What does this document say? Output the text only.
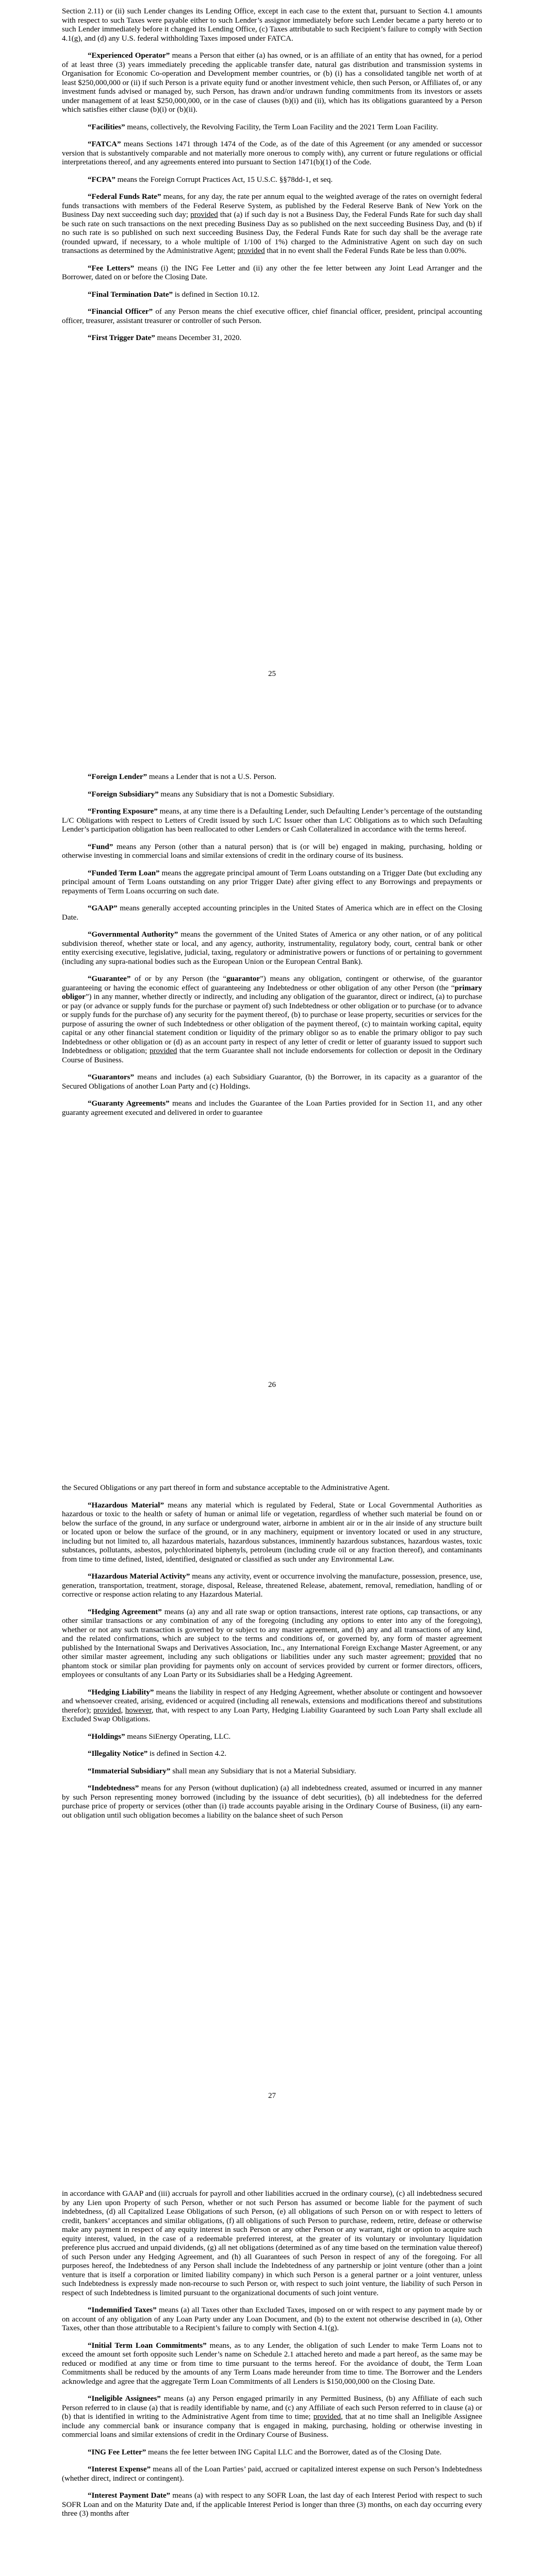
Section 2.11) or (ii) such Lender changes its Lending Office, except in each case to the extent that, pursuant to Section 4.1 amounts with respect to such Taxes were payable either to such Lender’s assignor immediately before such Lender became a party hereto or to such Lender immediately before it changed its Lending Office, (c) Taxes attributable to such Recipient’s failure to comply with Section 4.1(g), and (d) any U.S. federal withholding Taxes imposed under FATCA.

“Experienced Operator” means a Person that either (a) has owned, or is an affiliate of an entity that has owned, for a period of at least three (3) years immediately preceding the applicable transfer date, natural gas distribution and transmission systems in Organisation for Economic Co-operation and Development member countries, or (b) (i) has a consolidated tangible net worth of at least $250,000,000 or (ii) if such Person is a private equity fund or another investment vehicle, then such Person, or Affiliates of, or any investment funds advised or managed by, such Person, has drawn and/or undrawn funding commitments from its investors or assets under management of at least $250,000,000, or in the case of clauses (b)(i) and (ii), which has its obligations guaranteed by a Person which satisfies either clause (b)(i) or (b)(ii).

“Facilities” means, collectively, the Revolving Facility, the Term Loan Facility and the 2021 Term Loan Facility.

“FATCA” means Sections 1471 through 1474 of the Code, as of the date of this Agreement (or any amended or successor version that is substantively comparable and not materially more onerous to comply with), any current or future regulations or official interpretations thereof, and any agreements entered into pursuant to Section 1471(b)(1) of the Code.

“FCPA” means the Foreign Corrupt Practices Act, 15 U.S.C. §§78dd-1, et seq.

“Federal Funds Rate” means, for any day, the rate per annum equal to the weighted average of the rates on overnight federal funds transactions with members of the Federal Reserve System, as published by the Federal Reserve Bank of New York on the Business Day next succeeding such day; provided that (a) if such day is not a Business Day, the Federal Funds Rate for such day shall be such rate on such transactions on the next preceding Business Day as so published on the next succeeding Business Day, and (b) if no such rate is so published on such next succeeding Business Day, the Federal Funds Rate for such day shall be the average rate (rounded upward, if necessary, to a whole multiple of 1/100 of 1%) charged to the Administrative Agent on such day on such transactions as determined by the Administrative Agent; provided that in no event shall the Federal Funds Rate be less than 0.00%.

“Fee Letters” means (i) the ING Fee Letter and (ii) any other the fee letter between any Joint Lead Arranger and the Borrower, dated on or before the Closing Date.

“Final Termination Date” is defined in Section 10.12.

“Financial Officer” of any Person means the chief executive officer, chief financial officer, president, principal accounting officer, treasurer, assistant treasurer or controller of such Person.

“First Trigger Date” means December 31, 2020.

25

“Foreign Lender” means a Lender that is not a U.S. Person.

“Foreign Subsidiary” means any Subsidiary that is not a Domestic Subsidiary.

“Fronting Exposure” means, at any time there is a Defaulting Lender, such Defaulting Lender’s percentage of the outstanding L/C Obligations with respect to Letters of Credit issued by such L/C Issuer other than L/C Obligations as to which such Defaulting Lender’s participation obligation has been reallocated to other Lenders or Cash Collateralized in accordance with the terms hereof.

“Fund” means any Person (other than a natural person) that is (or will be) engaged in making, purchasing, holding or otherwise investing in commercial loans and similar extensions of credit in the ordinary course of its business.

“Funded Term Loan” means the aggregate principal amount of Term Loans outstanding on a Trigger Date (but excluding any principal amount of Term Loans outstanding on any prior Trigger Date) after giving effect to any Borrowings and prepayments or repayments of Term Loans occurring on such date.

“GAAP” means generally accepted accounting principles in the United States of America which are in effect on the Closing Date.

“Governmental Authority” means the government of the United States of America or any other nation, or of any political subdivision thereof, whether state or local, and any agency, authority, instrumentality, regulatory body, court, central bank or other entity exercising executive, legislative, judicial, taxing, regulatory or administrative powers or functions of or pertaining to government (including any supra-national bodies such as the European Union or the European Central Bank).

“Guarantee” of or by any Person (the “guarantor”) means any obligation, contingent or otherwise, of the guarantor guaranteeing or having the economic effect of guaranteeing any Indebtedness or other obligation of any other Person (the “primary obligor”) in any manner, whether directly or indirectly, and including any obligation of the guarantor, direct or indirect, (a) to purchase or pay (or advance or supply funds for the purchase or payment of) such Indebtedness or other obligation or to purchase (or to advance or supply funds for the purchase of) any security for the payment thereof, (b) to purchase or lease property, securities or services for the purpose of assuring the owner of such Indebtedness or other obligation of the payment thereof, (c) to maintain working capital, equity capital or any other financial statement condition or liquidity of the primary obligor so as to enable the primary obligor to pay such Indebtedness or other obligation or (d) as an account party in respect of any letter of credit or letter of guaranty issued to support such Indebtedness or obligation; provided that the term Guarantee shall not include endorsements for collection or deposit in the Ordinary Course of Business.

“Guarantors” means and includes (a) each Subsidiary Guarantor, (b) the Borrower, in its capacity as a guarantor of the Secured Obligations of another Loan Party and (c) Holdings.

“Guaranty Agreements” means and includes the Guarantee of the Loan Parties provided for in Section 11, and any other guaranty agreement executed and delivered in order to guarantee

26

the Secured Obligations or any part thereof in form and substance acceptable to the Administrative Agent.

“Hazardous Material” means any material which is regulated by Federal, State or Local Governmental Authorities as hazardous or toxic to the health or safety of human or animal life or vegetation, regardless of whether such material be found on or below the surface of the ground, in any surface or underground water, airborne in ambient air or in the air inside of any structure built or located upon or below the surface of the ground, or in any machinery, equipment or inventory located or used in any structure, including but not limited to, all hazardous materials, hazardous substances, imminently hazardous substances, hazardous wastes, toxic substances, pollutants, asbestos, polychlorinated biphenyls, petroleum (including crude oil or any fraction thereof), and contaminants from time to time defined, listed, identified, designated or classified as such under any Environmental Law.

“Hazardous Material Activity” means any activity, event or occurrence involving the manufacture, possession, presence, use, generation, transportation, treatment, storage, disposal, Release, threatened Release, abatement, removal, remediation, handling of or corrective or response action relating to any Hazardous Material.

“Hedging Agreement” means (a) any and all rate swap or option transactions, interest rate options, cap transactions, or any other similar transactions or any combination of any of the foregoing (including any options to enter into any of the foregoing), whether or not any such transaction is governed by or subject to any master agreement, and (b) any and all transactions of any kind, and the related confirmations, which are subject to the terms and conditions of, or governed by, any form of master agreement published by the International Swaps and Derivatives Association, Inc., any International Foreign Exchange Master Agreement, or any other similar master agreement, including any such obligations or liabilities under any such master agreement; provided that no phantom stock or similar plan providing for payments only on account of services provided by current or former directors, officers, employees or consultants of any Loan Party or its Subsidiaries shall be a Hedging Agreement.

“Hedging Liability” means the liability in respect of any Hedging Agreement, whether absolute or contingent and howsoever and whensoever created, arising, evidenced or acquired (including all renewals, extensions and modifications thereof and substitutions therefor); provided, however, that, with respect to any Loan Party, Hedging Liability Guaranteed by such Loan Party shall exclude all Excluded Swap Obligations.

“Holdings” means SiEnergy Operating, LLC.

“Illegality Notice” is defined in Section 4.2.

“Immaterial Subsidiary” shall mean any Subsidiary that is not a Material Subsidiary.

“Indebtedness” means for any Person (without duplication) (a) all indebtedness created, assumed or incurred in any manner by such Person representing money borrowed (including by the issuance of debt securities), (b) all indebtedness for the deferred purchase price of property or services (other than (i) trade accounts payable arising in the Ordinary Course of Business, (ii) any earn-out obligation until such obligation becomes a liability on the balance sheet of such Person

27

in accordance with GAAP and (iii) accruals for payroll and other liabilities accrued in the ordinary course), (c) all indebtedness secured by any Lien upon Property of such Person, whether or not such Person has assumed or become liable for the payment of such indebtedness, (d) all Capitalized Lease Obligations of such Person, (e) all obligations of such Person on or with respect to letters of credit, bankers’ acceptances and similar obligations, (f) all obligations of such Person to purchase, redeem, retire, defease or otherwise make any payment in respect of any equity interest in such Person or any other Person or any warrant, right or option to acquire such equity interest, valued, in the case of a redeemable preferred interest, at the greater of its voluntary or involuntary liquidation preference plus accrued and unpaid dividends, (g) all net obligations (determined as of any time based on the termination value thereof) of such Person under any Hedging Agreement, and (h) all Guarantees of such Person in respect of any of the foregoing. For all purposes hereof, the Indebtedness of any Person shall include the Indebtedness of any partnership or joint venture (other than a joint venture that is itself a corporation or limited liability company) in which such Person is a general partner or a joint venturer, unless such Indebtedness is expressly made non-recourse to such Person or, with respect to such joint venture, the liability of such Person in respect of such Indebtedness is limited pursuant to the organizational documents of such joint venture.

“Indemnified Taxes” means (a) all Taxes other than Excluded Taxes, imposed on or with respect to any payment made by or on account of any obligation of any Loan Party under any Loan Document, and (b) to the extent not otherwise described in (a), Other Taxes, other than those attributable to a Recipient’s failure to comply with Section 4.1(g).

“Initial Term Loan Commitments” means, as to any Lender, the obligation of such Lender to make Term Loans not to exceed the amount set forth opposite such Lender’s name on Schedule 2.1 attached hereto and made a part hereof, as the same may be reduced or modified at any time or from time to time pursuant to the terms hereof. For the avoidance of doubt, the Term Loan Commitments shall be reduced by the amounts of any Term Loans made hereunder from time to time. The Borrower and the Lenders acknowledge and agree that the aggregate Term Loan Commitments of all Lenders is $150,000,000 on the Closing Date.

“Ineligible Assignees” means (a) any Person engaged primarily in any Permitted Business, (b) any Affiliate of each such Person referred to in clause (a) that is readily identifiable by name, and (c) any Affiliate of each such Person referred to in clause (a) or (b) that is identified in writing to the Administrative Agent from time to time; provided, that at no time shall an Ineligible Assignee include any commercial bank or insurance company that is engaged in making, purchasing, holding or otherwise investing in commercial loans and similar extensions of credit in the Ordinary Course of Business.

“ING Fee Letter” means the fee letter between ING Capital LLC and the Borrower, dated as of the Closing Date.

“Interest Expense” means all of the Loan Parties’ paid, accrued or capitalized interest expense on such Person’s Indebtedness (whether direct, indirect or contingent).

“Interest Payment Date” means (a) with respect to any SOFR Loan, the last day of each Interest Period with respect to such SOFR Loan and on the Maturity Date and, if the applicable Interest Period is longer than three (3) months, on each day occurring every three (3) months after
